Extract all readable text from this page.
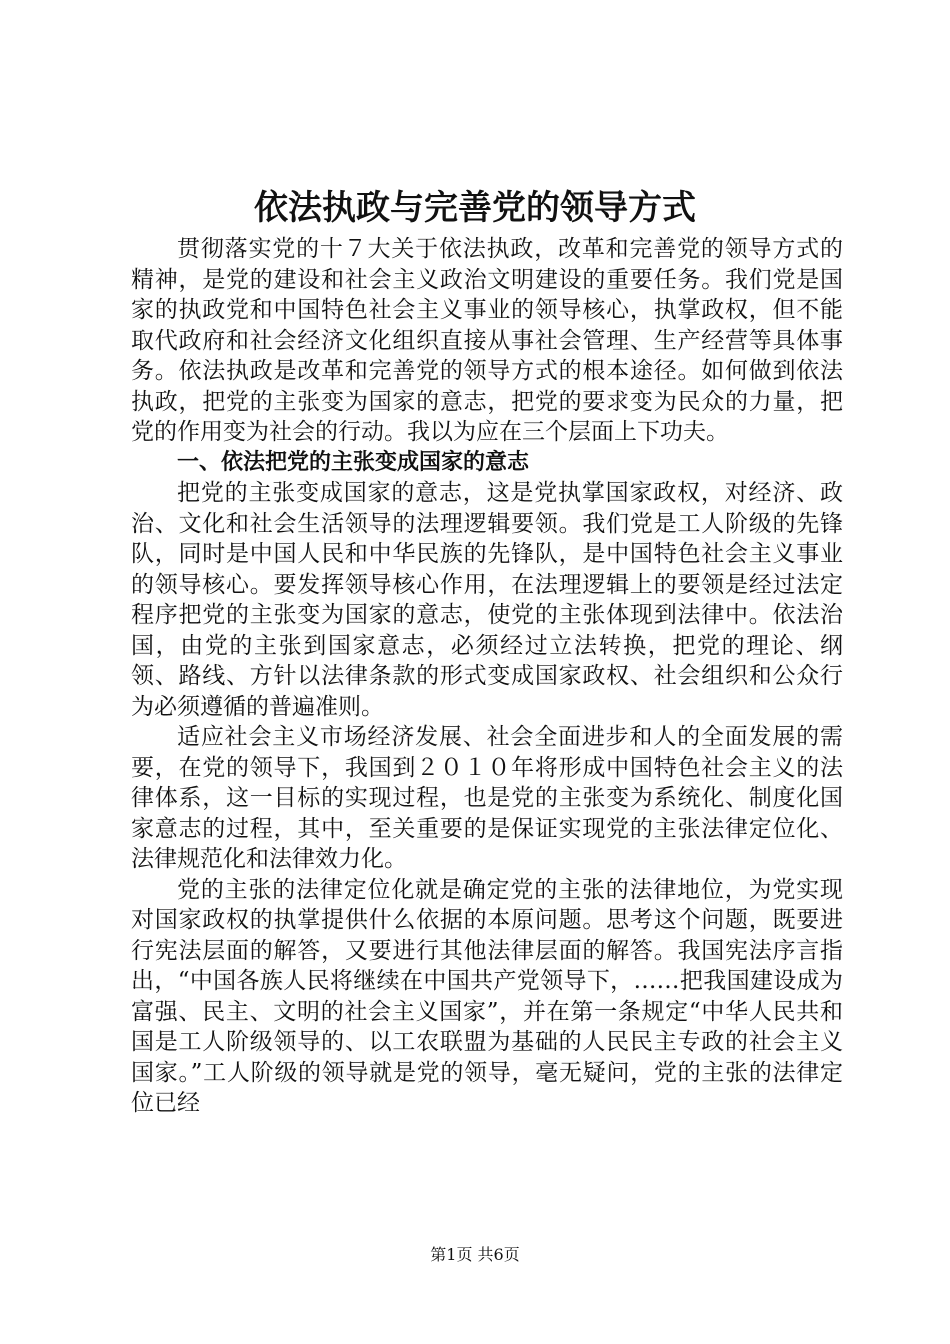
依法执政与完善党的领导方式

贯彻落实党的十７大关于依法执政，改革和完善党的领导方式的精神，是党的建设和社会主义政治文明建设的重要任务。我们党是国家的执政党和中国特色社会主义事业的领导核心，执掌政权，但不能取代政府和社会经济文化组织直接从事社会管理、生产经营等具体事务。依法执政是改革和完善党的领导方式的根本途径。如何做到依法执政，把党的主张变为国家的意志，把党的要求变为民众的力量，把党的作用变为社会的行动。我以为应在三个层面上下功夫。

一、依法把党的主张变成国家的意志

把党的主张变成国家的意志，这是党执掌国家政权，对经济、政治、文化和社会生活领导的法理逻辑要领。我们党是工人阶级的先锋队，同时是中国人民和中华民族的先锋队，是中国特色社会主义事业的领导核心。要发挥领导核心作用，在法理逻辑上的要领是经过法定程序把党的主张变为国家的意志，使党的主张体现到法律中。依法治国，由党的主张到国家意志，必须经过立法转换，把党的理论、纲领、路线、方针以法律条款的形式变成国家政权、社会组织和公众行为必须遵循的普遍准则。

适应社会主义市场经济发展、社会全面进步和人的全面发展的需要，在党的领导下，我国到２０１０年将形成中国特色社会主义的法律体系，这一目标的实现过程，也是党的主张变为系统化、制度化国家意志的过程，其中，至关重要的是保证实现党的主张法律定位化、法律规范化和法律效力化。

党的主张的法律定位化就是确定党的主张的法律地位，为党实现对国家政权的执掌提供什么依据的本原问题。思考这个问题，既要进行宪法层面的解答，又要进行其他法律层面的解答。我国宪法序言指出，“中国各族人民将继续在中国共产党领导下，……把我国建设成为富强、民主、文明的社会主义国家”，并在第一条规定“中华人民共和国是工人阶级领导的、以工农联盟为基础的人民民主专政的社会主义国家。”工人阶级的领导就是党的领导，毫无疑问，党的主张的法律定位已经

第1页 共6页
